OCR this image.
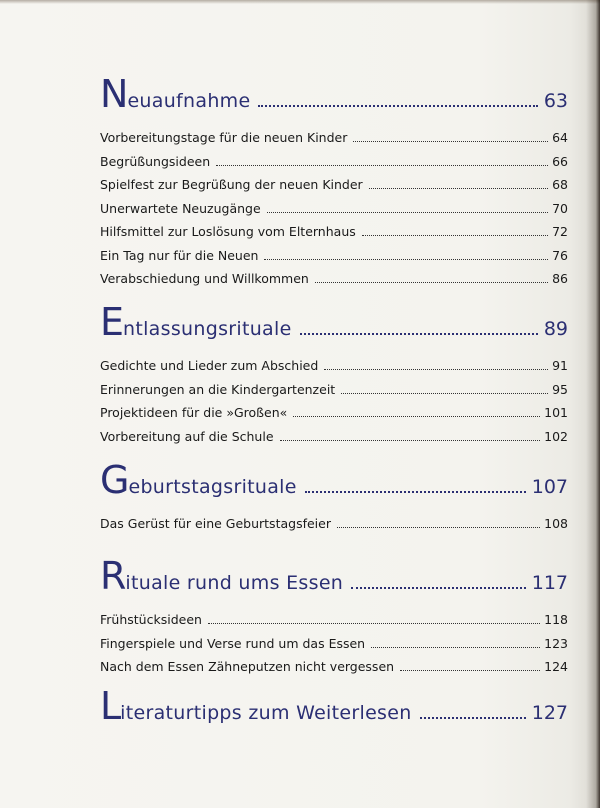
N euaufnahme	63
Vorbereitungstage für die neuen Kinder	64
Begrüßungsideen	66
Spielfest zur Begrüßung der neuen Kinder	68
Unerwartete Neuzugänge	70
Hilfsmittel zur Loslösung vom Elternhaus	72
Ein Tag nur für die Neuen	76
Verabschiedung und Willkommen	86
E ntlassungsrituale	89
Gedichte und Lieder zum Abschied	91
Erinnerungen an die Kindergartenzeit	95
Projektideen für die »Großen«	101
Vorbereitung auf die Schule	102
G eburtstagsrituale	107
Das Gerüst für eine Geburtstagsfeier	108
R ituale rund ums Essen	117
Frühstücksideen	118
Fingerspiele und Verse rund um das Essen	123
Nach dem Essen Zähneputzen nicht vergessen	124
L iteraturtipps zum Weiterlesen	127
